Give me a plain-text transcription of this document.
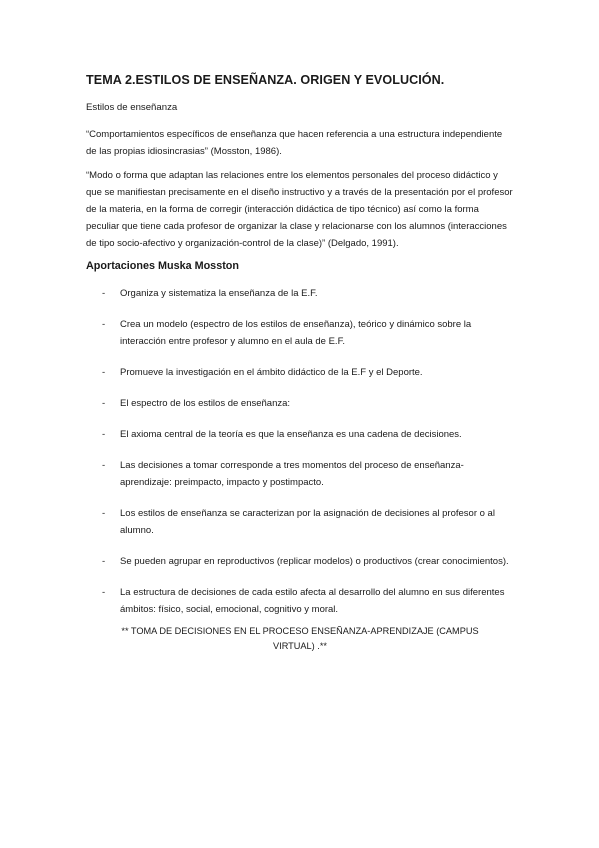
TEMA 2.ESTILOS DE ENSEÑANZA. ORIGEN Y EVOLUCIÓN.

Estilos de enseñanza

“Comportamientos específicos de enseñanza que hacen referencia a una estructura independiente de las propias idiosincrasias” (Mosston, 1986).

“Modo o forma que adaptan las relaciones entre los elementos personales del proceso didáctico y que se manifiestan precisamente en el diseño instructivo y a través de la presentación por el profesor de la materia, en la forma de corregir (interacción didáctica de tipo técnico) así como la forma peculiar que tiene cada profesor de organizar la clase y relacionarse con los alumnos (interacciones de tipo socio-afectivo y organización-control de la clase)” (Delgado, 1991).

Aportaciones Muska Mosston
- Organiza y sistematiza la enseñanza de la E.F.
- Crea un modelo (espectro de los estilos de enseñanza), teórico y dinámico sobre la interacción entre profesor y alumno en el aula de E.F.
- Promueve la investigación en el ámbito didáctico de la E.F y el Deporte.
- El espectro de los estilos de enseñanza:
- El axioma central de la teoría es que la enseñanza es una cadena de decisiones.
- Las decisiones a tomar corresponde a tres momentos del proceso de enseñanza-aprendizaje: preimpacto, impacto y postimpacto.
- Los estilos de enseñanza se caracterizan por la asignación de decisiones al profesor o al alumno.
- Se pueden agrupar en reproductivos (replicar modelos) o productivos (crear conocimientos).
- La estructura de decisiones de cada estilo afecta al desarrollo del alumno en sus diferentes ámbitos: físico, social, emocional, cognitivo y moral.

** TOMA DE DECISIONES EN EL PROCESO ENSEÑANZA-APRENDIZAJE (CAMPUS VIRTUAL) .**
